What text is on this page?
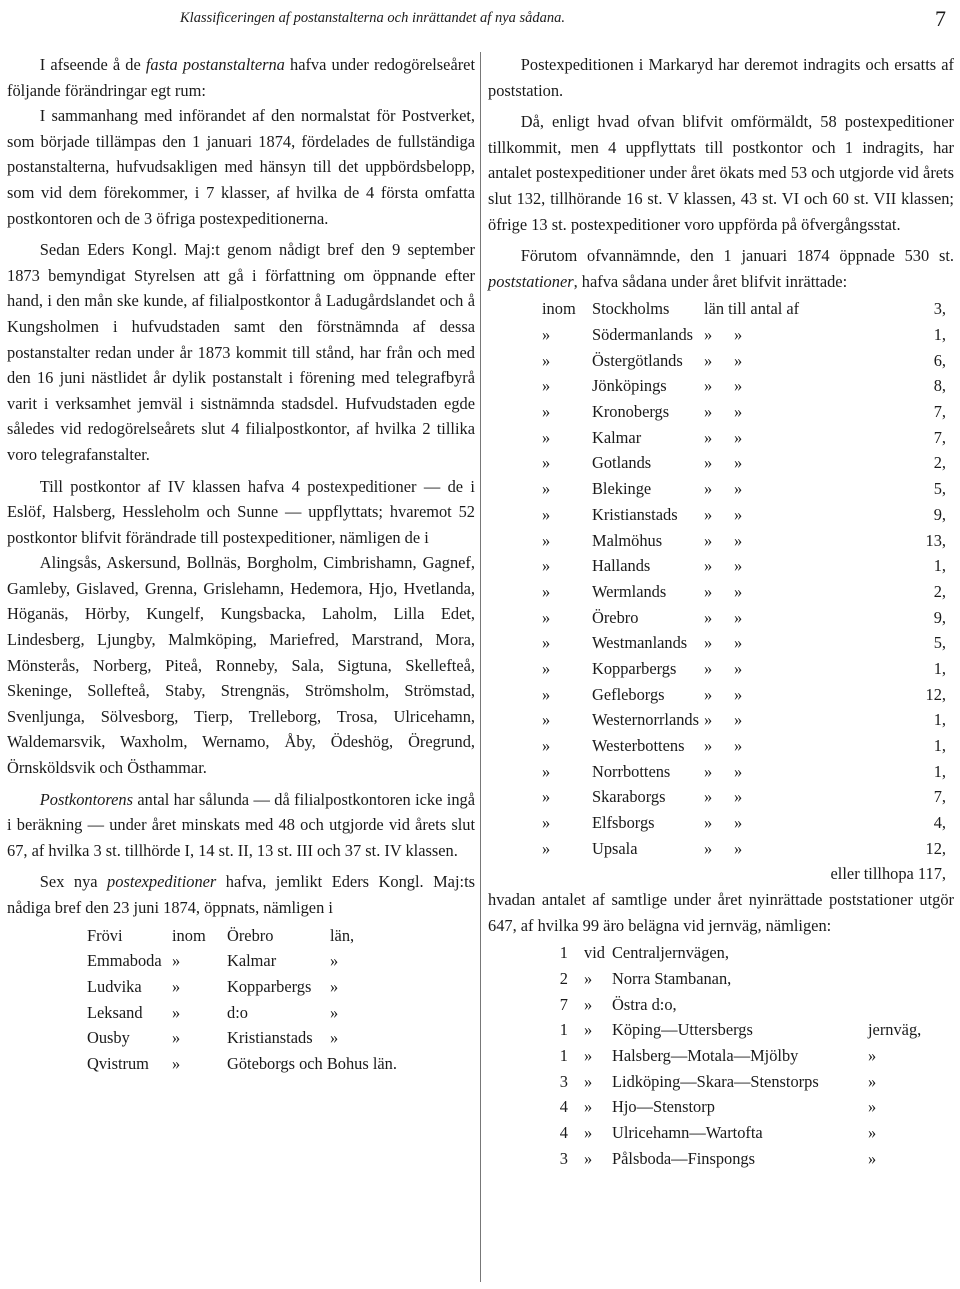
Klassificeringen af postanstalterna och inrättandet af nya sådana.	7

I afseende å de fasta postanstalterna hafva under redogörelseåret följande förändringar egt rum:

I sammanhang med införandet af den normalstat för Postverket, som började tillämpas den 1 januari 1874, fördelades de fullständiga postanstalterna, hufvudsakligen med hänsyn till det uppbördsbelopp, som vid dem förekommer, i 7 klasser, af hvilka de 4 första omfatta postkontoren och de 3 öfriga postexpeditionerna.

Sedan Eders Kongl. Maj:t genom nådigt bref den 9 september 1873 bemyndigat Styrelsen att gå i författning om öppnande efter hand, i den mån ske kunde, af filialpostkontor å Ladugårdslandet och å Kungsholmen i hufvudstaden samt den förstnämnda af dessa postanstalter redan under år 1873 kommit till stånd, har från och med den 16 juni nästlidet år dylik postanstalt i förening med telegrafbyrå varit i verksamhet jemväl i sistnämnda stadsdel. Hufvudstaden egde således vid redogörelseårets slut 4 filialpostkontor, af hvilka 2 tillika voro telegrafanstalter.

Till postkontor af IV klassen hafva 4 postexpeditioner — de i Eslöf, Halsberg, Hessleholm och Sunne — uppflyttats; hvaremot 52 postkontor blifvit förändrade till postexpeditioner, nämligen de i

Alingsås, Askersund, Bollnäs, Borgholm, Cimbrishamn, Gagnef, Gamleby, Gislaved, Grenna, Grislehamn, Hedemora, Hjo, Hvetlanda, Höganäs, Hörby, Kungelf, Kungsbacka, Laholm, Lilla Edet, Lindesberg, Ljungby, Malmköping, Mariefred, Marstrand, Mora, Mönsterås, Norberg, Piteå, Ronneby, Sala, Sigtuna, Skellefteå, Skeninge, Sollefteå, Staby, Strengnäs, Strömsholm, Strömstad, Svenljunga, Sölvesborg, Tierp, Trelleborg, Trosa, Ulricehamn, Waldemarsvik, Waxholm, Wernamo, Åby, Ödeshög, Öregrund, Örnsköldsvik och Östhammar.

Postkontorens antal har sålunda — då filialpostkontoren icke ingå i beräkning — under året minskats med 48 och utgjorde vid årets slut 67, af hvilka 3 st. tillhörde I, 14 st. II, 13 st. III och 37 st. IV klassen.

Sex nya postexpeditioner hafva, jemlikt Eders Kongl. Maj:ts nådiga bref den 23 juni 1874, öppnats, nämligen i

Frövi	inom Örebro	län,
Emmaboda »	Kalmar	»
Ludvika »	Kopparbergs »
Leksand »	d:o	»
Ousby	»	Kristianstads »
Qvistrum »	Göteborgs och Bohus län.

Postexpeditionen i Markaryd har deremot indragits och ersatts af poststation.

Då, enligt hvad ofvan blifvit omförmäldt, 58 postexpeditioner tillkommit, men 4 uppflyttats till postkontor och 1 indragits, har antalet postexpeditioner under året ökats med 53 och utgjorde vid årets slut 132, tillhörande 16 st. V klassen, 43 st. VI och 60 st. VII klassen; öfrige 13 st. postexpeditioner voro uppförda på öfvergångsstat.

Förutom ofvannämnde, den 1 januari 1874 öppnade 530 st. poststationer, hafva sådana under året blifvit inrättade:

inom Stockholms län till antal af	3,
»	Södermanlands » »	1,
»	Östergötlands » »	6,
»	Jönköpings » »	8,
»	Kronobergs » »	7,
»	Kalmar	» »	7,
»	Gotlands	» »	2,
»	Blekinge	» »	5,
»	Kristianstads » »	9,
»	Malmöhus	» »	13,
»	Hallands	» »	1,
»	Wermlands » »	2,
»	Örebro	» »	9,
»	Westmanlands » »	5,
»	Kopparbergs » »	1,
»	Gefleborgs » »	12,
»	Westernorrlands » »	1,
»	Westerbottens » »	1,
»	Norrbottens » »	1,
»	Skaraborgs » »	7,
»	Elfsborgs	» »	4,
»	Upsala	» »	12,

eller tillhopa 117,

hvadan antalet af samtlige under året nyinrättade poststationer utgör 647, af hvilka 99 äro belägna vid jernväg, nämligen:

1 vid Centraljernvägen,
2 » Norra Stambanan,
7 » Östra d:o,
1 » Köping—Uttersbergs	jernväg,
1 » Halsberg—Motala—Mjölby	»
3 » Lidköping—Skara—Stenstorps	»
4 » Hjo—Stenstorp	»
4 » Ulricehamn—Wartofta	»
3 » Pålsboda—Finspongs	»
